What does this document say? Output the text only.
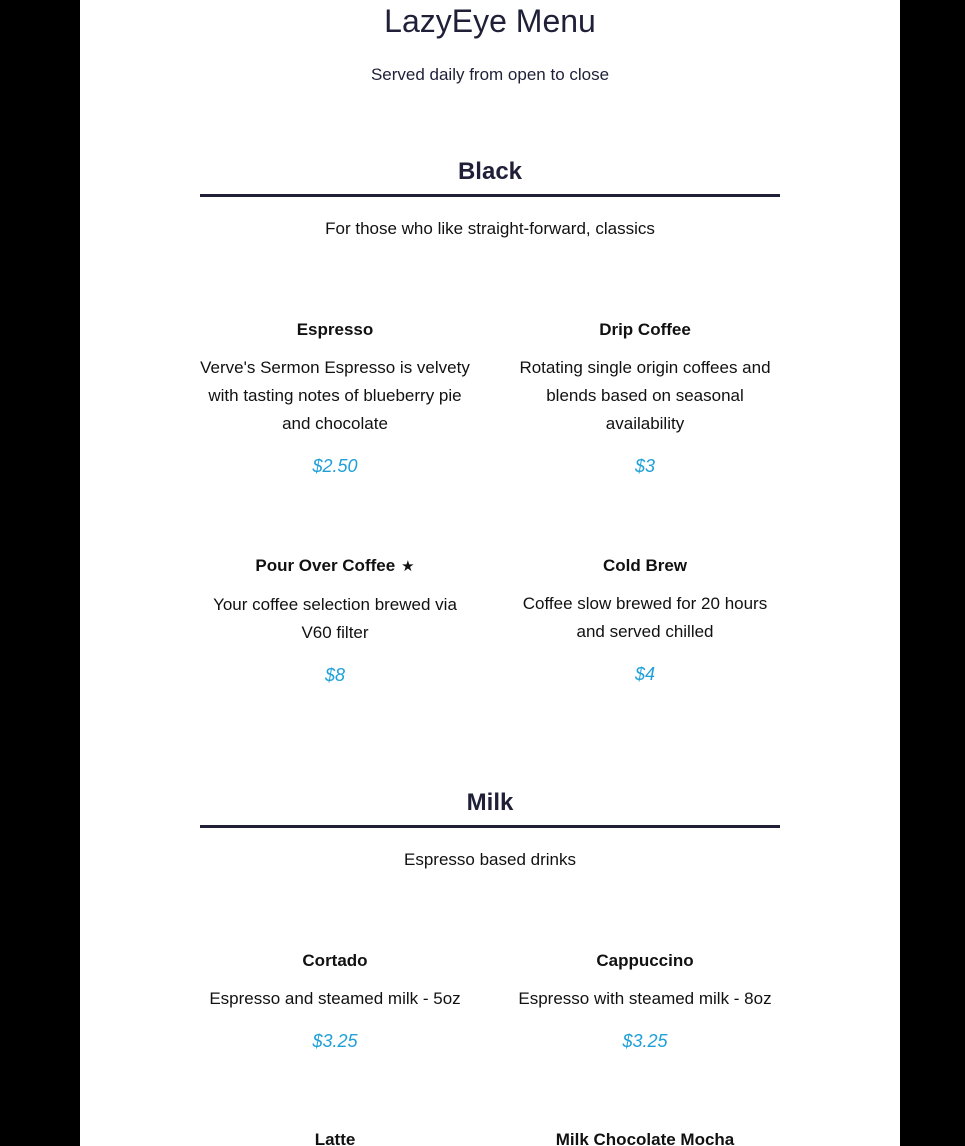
LazyEye Menu
Served daily from open to close
Black
For those who like straight-forward, classics
Espresso
Verve's Sermon Espresso is velvety with tasting notes of blueberry pie and chocolate
$2.50
Drip Coffee
Rotating single origin coffees and blends based on seasonal availability
$3
Pour Over Coffee ★
Your coffee selection brewed via V60 filter
$8
Cold Brew
Coffee slow brewed for 20 hours and served chilled
$4
Milk
Espresso based drinks
Cortado
Espresso and steamed milk - 5oz
$3.25
Cappuccino
Espresso with steamed milk - 8oz
$3.25
Latte	Milk Chocolate Mocha
